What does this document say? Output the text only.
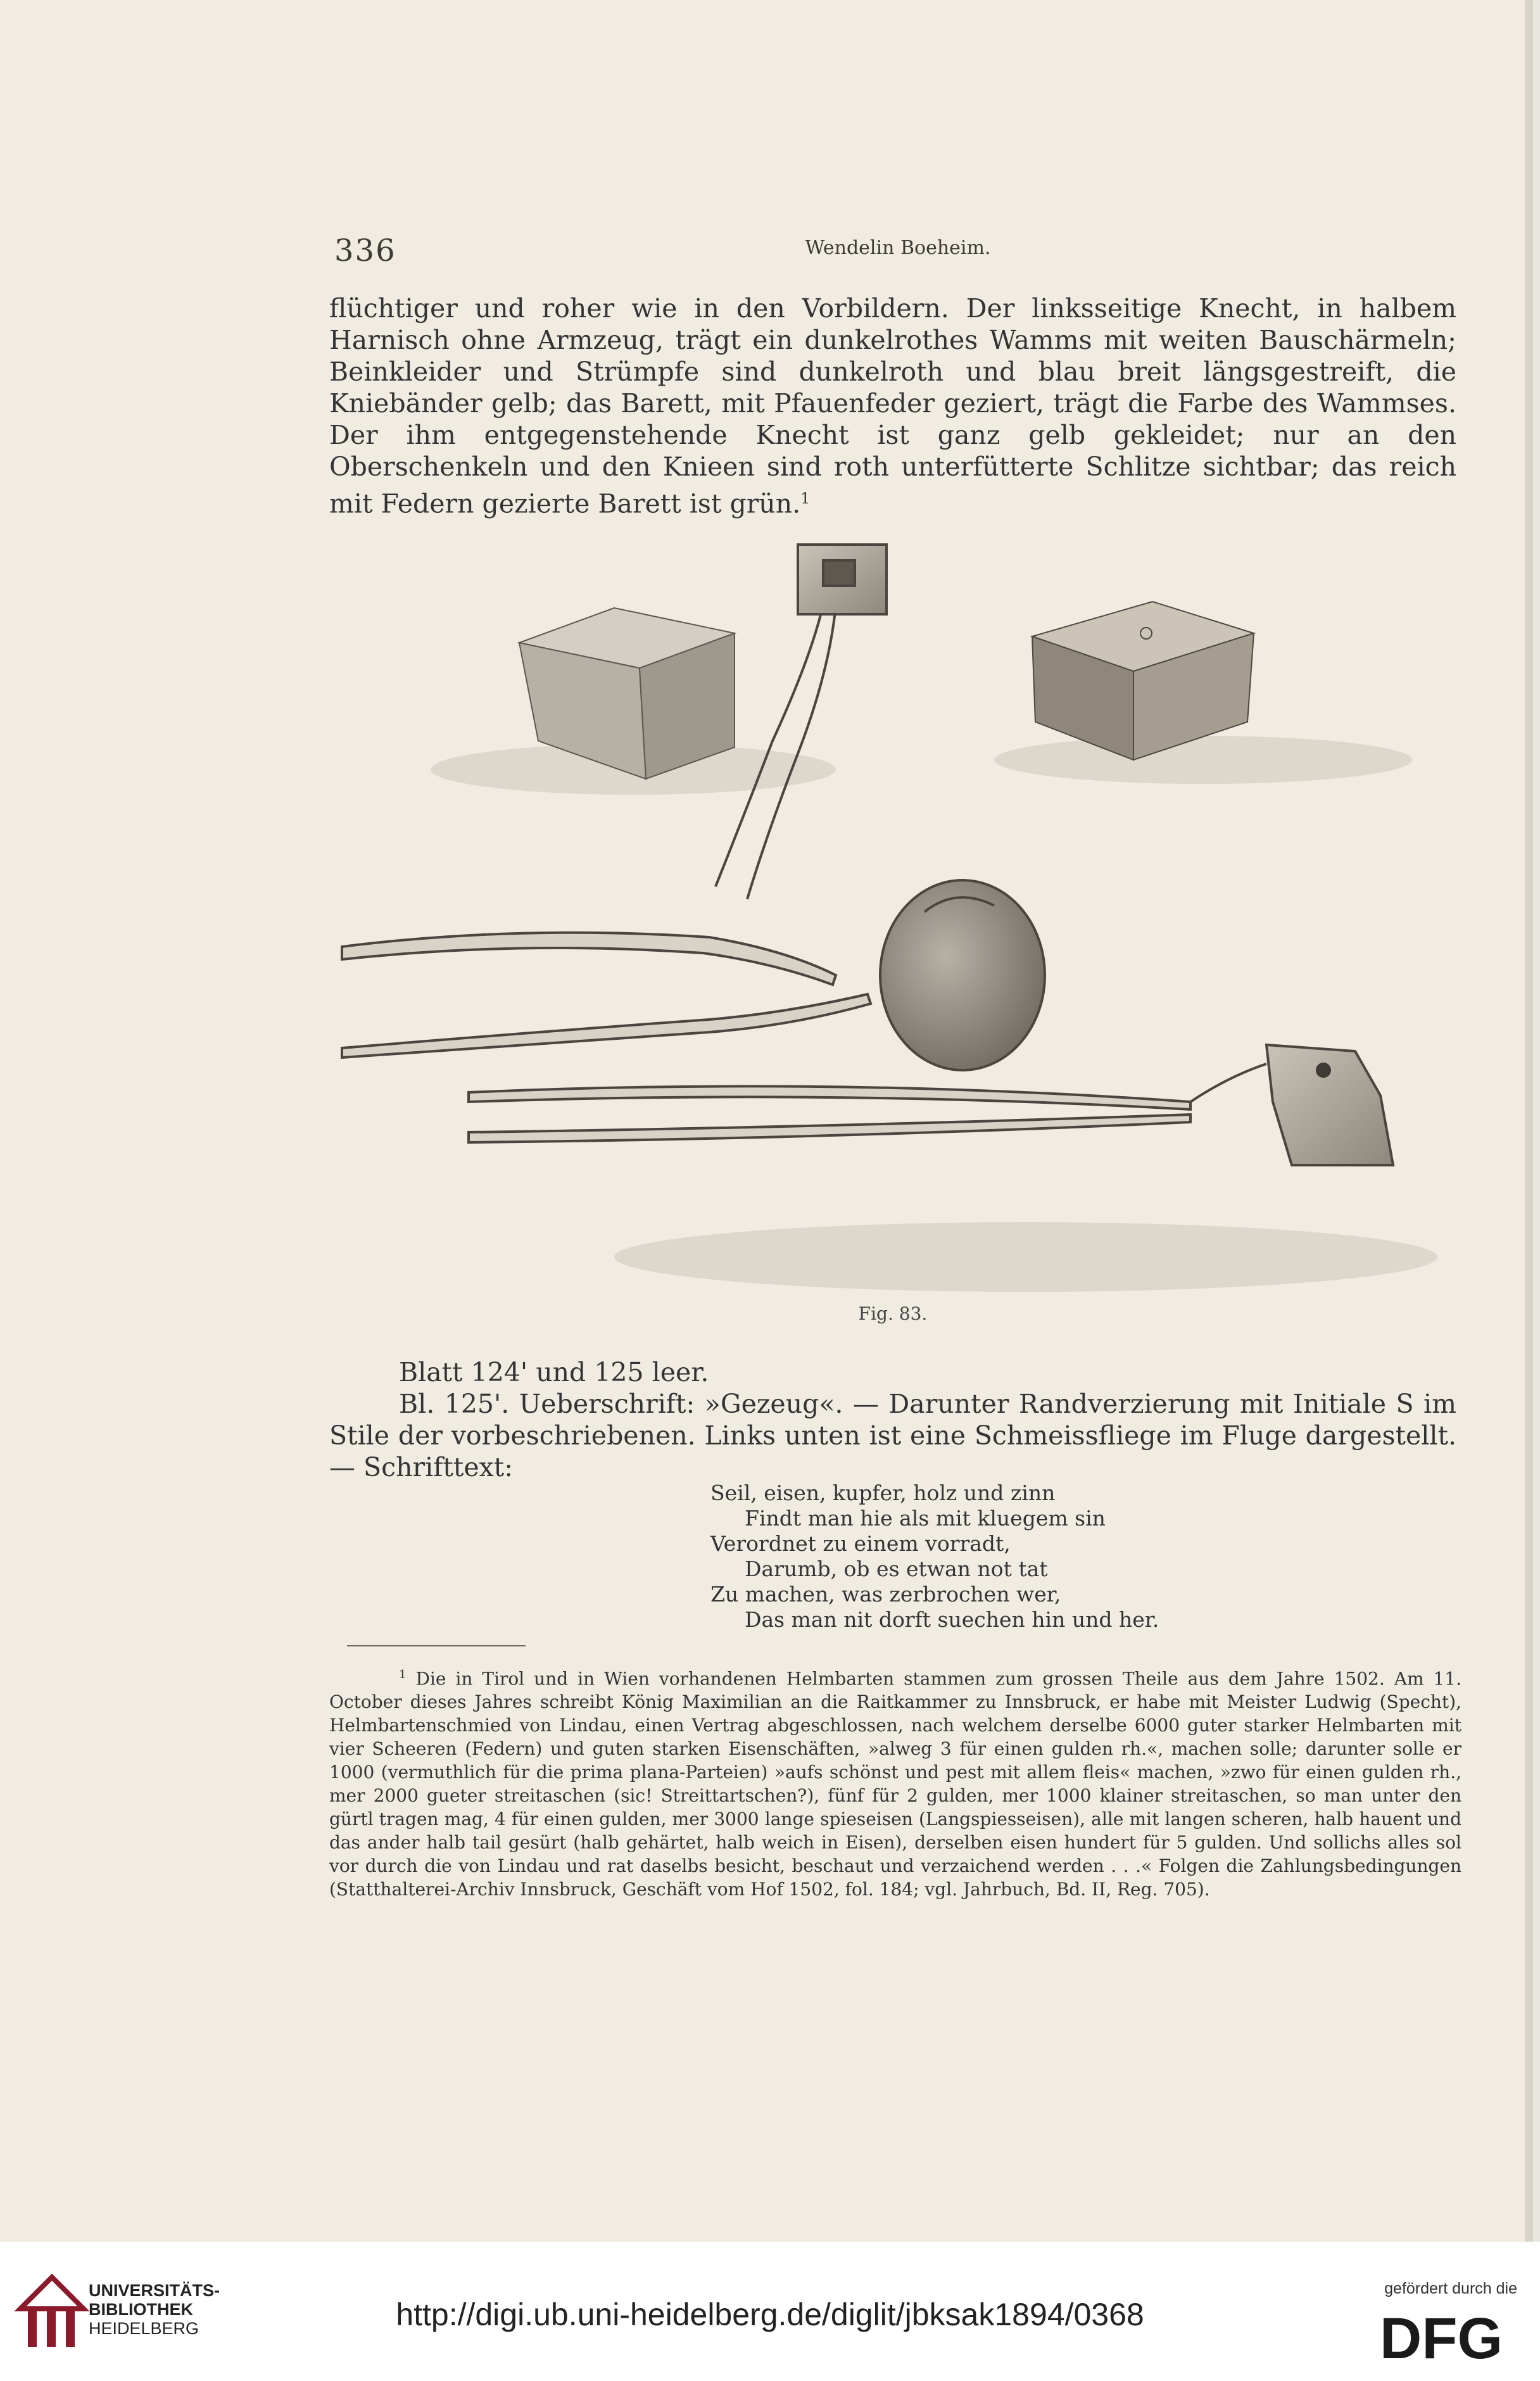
336	Wendelin Boeheim.
flüchtiger und roher wie in den Vorbildern. Der linksseitige Knecht, in halbem Harnisch ohne Armzeug, trägt ein dunkelrothes Wamms mit weiten Bauschärmeln; Beinkleider und Strümpfe sind dunkelroth und blau breit längsgestreift, die Kniebänder gelb; das Barett, mit Pfauenfeder geziert, trägt die Farbe des Wammses. Der ihm entgegenstehende Knecht ist ganz gelb gekleidet; nur an den Oberschenkeln und den Knieen sind roth unterfütterte Schlitze sichtbar; das reich mit Federn gezierte Barett ist grün.$^1$
Fig. 83.
Blatt 124' und 125 leer.
Bl. 125'. Ueberschrift: »Gezeug«. — Darunter Randverzierung mit Initiale S im Stile der vorbeschriebenen. Links unten ist eine Schmeissfliege im Fluge dargestellt. — Schrifttext:
Seil, eisen, kupfer, holz und zinn
Findt man hie als mit kluegem sin
Verordnet zu einem vorradt,
Darumb, ob es etwan not tat
Zu machen, was zerbrochen wer,
Das man nit dorft suechen hin und her.
$^1$ Die in Tirol und in Wien vorhandenen Helmbarten stammen zum grossen Theile aus dem Jahre 1502. Am 11. October dieses Jahres schreibt König Maximilian an die Raitkammer zu Innsbruck, er habe mit Meister Ludwig (Specht), Helmbartenschmied von Lindau, einen Vertrag abgeschlossen, nach welchem derselbe 6000 guter starker Helmbarten mit vier Scheeren (Federn) und guten starken Eisenschäften, »alweg 3 für einen gulden rh.«, machen solle; darunter solle er 1000 (vermuthlich für die prima plana-Parteien) »aufs schönst und pest mit allem fleis« machen, »zwo für einen gulden rh., mer 2000 gueter streitaschen (sic! Streittartschen?), fünf für 2 gulden, mer 1000 klainer streitaschen, so man unter den gürtl tragen mag, 4 für einen gulden, mer 3000 lange spieseisen (Langspiesseisen), alle mit langen scheren, halb hauent und das ander halb tail gesürt (halb gehärtet, halb weich in Eisen), derselben eisen hundert für 5 gulden. Und sollichs alles sol vor durch die von Lindau und rat daselbs besicht, beschaut und verzaichend werden . . .« Folgen die Zahlungsbedingungen (Statthalterei-Archiv Innsbruck, Geschäft vom Hof 1502, fol. 184; vgl. Jahrbuch, Bd. II, Reg. 705).
UNIVERSITÄTS-
BIBLIOTHEK
HEIDELBERG	http://digi.ub.uni-heidelberg.de/diglit/jbksak1894/0368
gefördert durch die
DFG
